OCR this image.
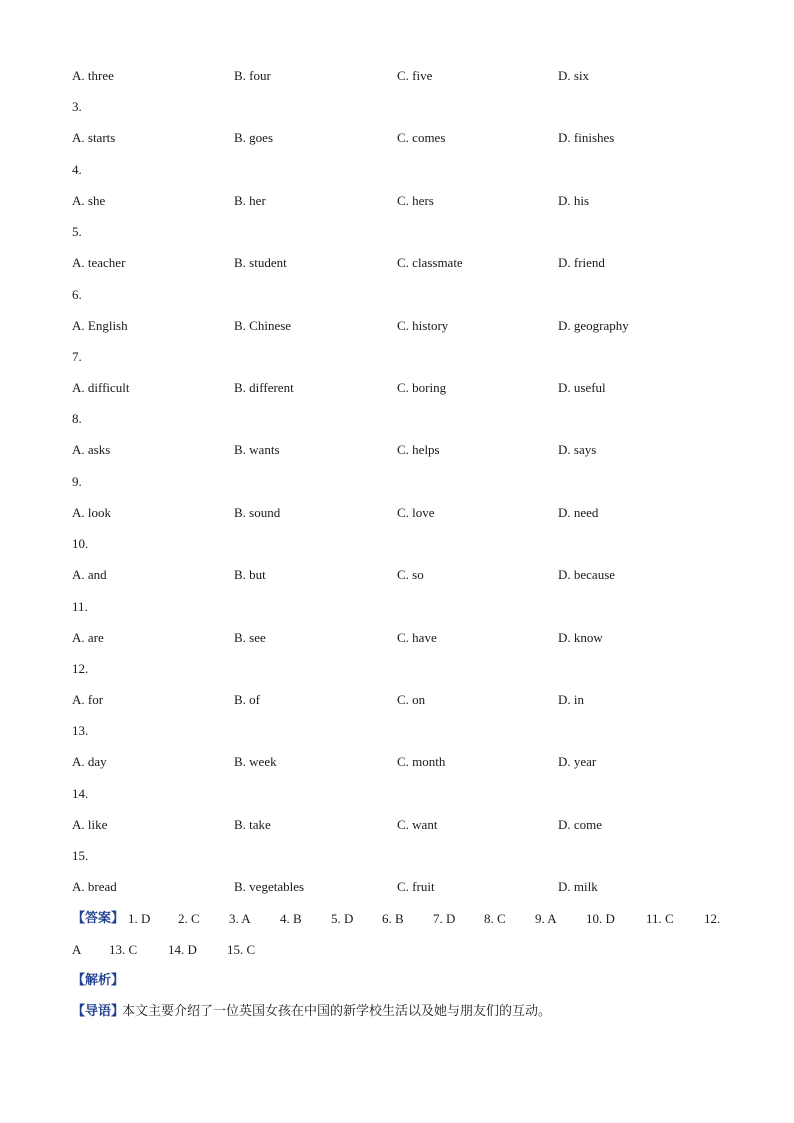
A. three	B. four	C. five	D. six
3.
A. starts	B. goes	C. comes	D. finishes
4.
A. she	B. her	C. hers	D. his
5.
A. teacher	B. student	C. classmate	D. friend
6.
A. English	B. Chinese	C. history	D. geography
7.
A. difficult	B. different	C. boring	D. useful
8.
A. asks	B. wants	C. helps	D. says
9.
A. look	B. sound	C. love	D. need
10.
A. and	B. but	C. so	D. because
11.
A. are	B. see	C. have	D. know
12.
A. for	B. of	C. on	D. in
13.
A. day	B. week	C. month	D. year
14.
A. like	B. take	C. want	D. come
15.
A. bread	B. vegetables	C. fruit	D. milk
【答案】 1. D 2. C 3. A 4. B 5. D 6. B 7. D 8. C 9. A 10. D 11. C 12.
A 13. C 14. D 15. C
【解析】
【导语】
本文主要介绍了一位英国女孩在中国的新学校生活以及她与朋友们的互动。
